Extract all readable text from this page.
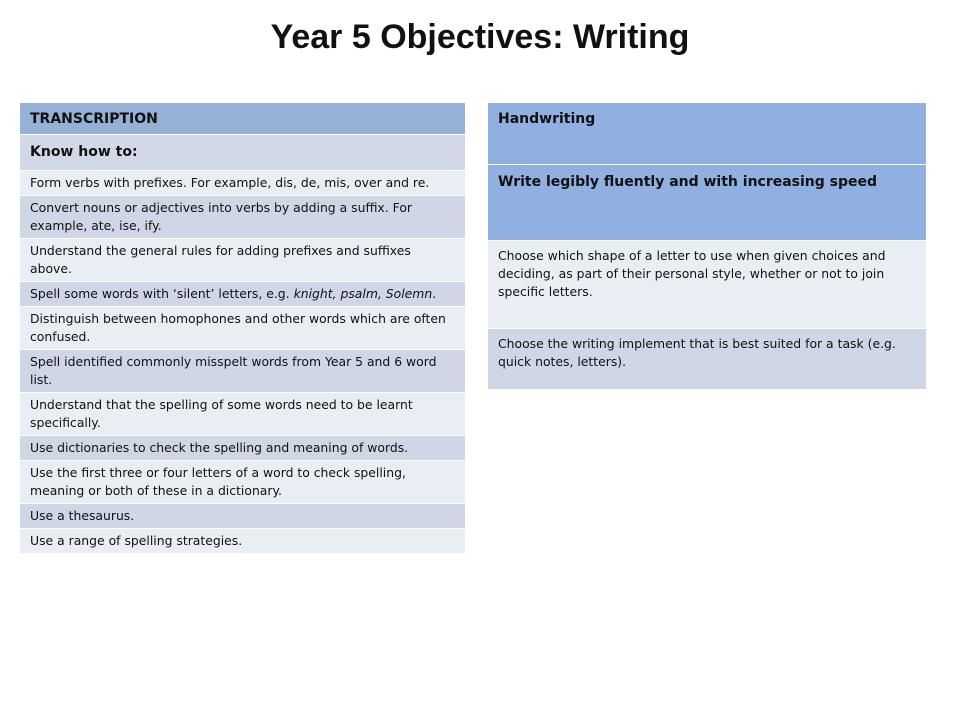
Year 5 Objectives: Writing
TRANSCRIPTION
Know how to:
Form verbs with prefixes. For example, dis, de, mis, over and re.
Convert nouns or adjectives into verbs by adding a suffix. For example, ate, ise, ify.
Understand the general rules for adding prefixes and suffixes above.
Spell some words with ‘silent’ letters, e.g. knight, psalm, Solemn.
Distinguish between homophones and other words which are often confused.
Spell identified commonly misspelt words from Year 5 and 6 word list.
Understand that the spelling of some words need to be learnt specifically.
Use dictionaries to check the spelling and meaning of words.
Use the first three or four letters of a word to check spelling, meaning or both of these in a dictionary.
Use a thesaurus.
Use a range of spelling strategies.
Handwriting
Write legibly fluently and with increasing speed
Choose which shape of a letter to use when given choices and deciding, as part of their personal style, whether or not to join specific letters.
Choose the writing implement that is best suited for a task (e.g. quick notes, letters).
